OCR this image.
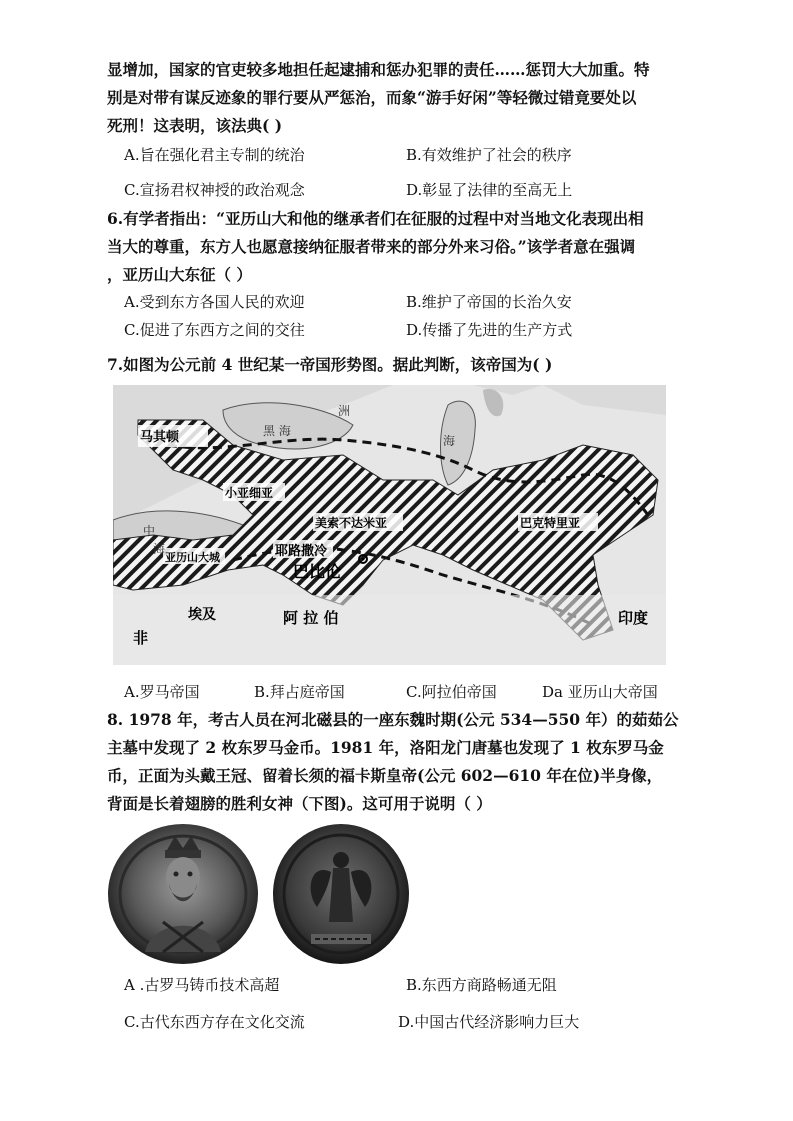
显增加，国家的官吏较多地担任起逮捕和惩办犯罪的责任……惩罚大大加重。特
别是对带有谋反迹象的罪行要从严惩治，而象“游手好闲”等轻微过错竟要处以
死刑！这表明，该法典( )
A.旨在强化君主专制的统治	B.有效维护了社会的秩序
C.宣扬君权神授的政治观念	D.彰显了法律的至高无上
6.有学者指出：“亚历山大和他的继承者们在征服的过程中对当地文化表现出相
当大的尊重，东方人也愿意接纳征服者带来的部分外来习俗。”该学者意在强调
，亚历山大东征（ ）
A.受到东方各国人民的欢迎	B.维护了帝国的长治久安
C.促进了东西方之间的交往	D.传播了先进的生产方式
7.如图为公元前 4 世纪某一帝国形势图。据此判断，该帝国为( )
马其顿
小亚细亚
美索不达米亚	巴克特里亚
亚历山大城	耶路撒冷
巴比伦
埃及	阿 拉 伯	印度
非
黑 海
海
中
海
洲
A.罗马帝国	B.拜占庭帝国	C.阿拉伯帝国	Da 亚历山大帝国
8. 1978 年，考古人员在河北磁县的一座东魏时期(公元 534—550 年）的茹茹公
主墓中发现了 2 枚东罗马金币。1981 年，洛阳龙门唐墓也发现了 1 枚东罗马金
币，正面为头戴王冠、留着长须的福卡斯皇帝(公元 602—610 年在位)半身像，
背面是长着翅膀的胜利女神（下图)。这可用于说明（ ）
A .古罗马铸币技术高超	B.东西方商路畅通无阻
C.古代东西方存在文化交流	D.中国古代经济影响力巨大
